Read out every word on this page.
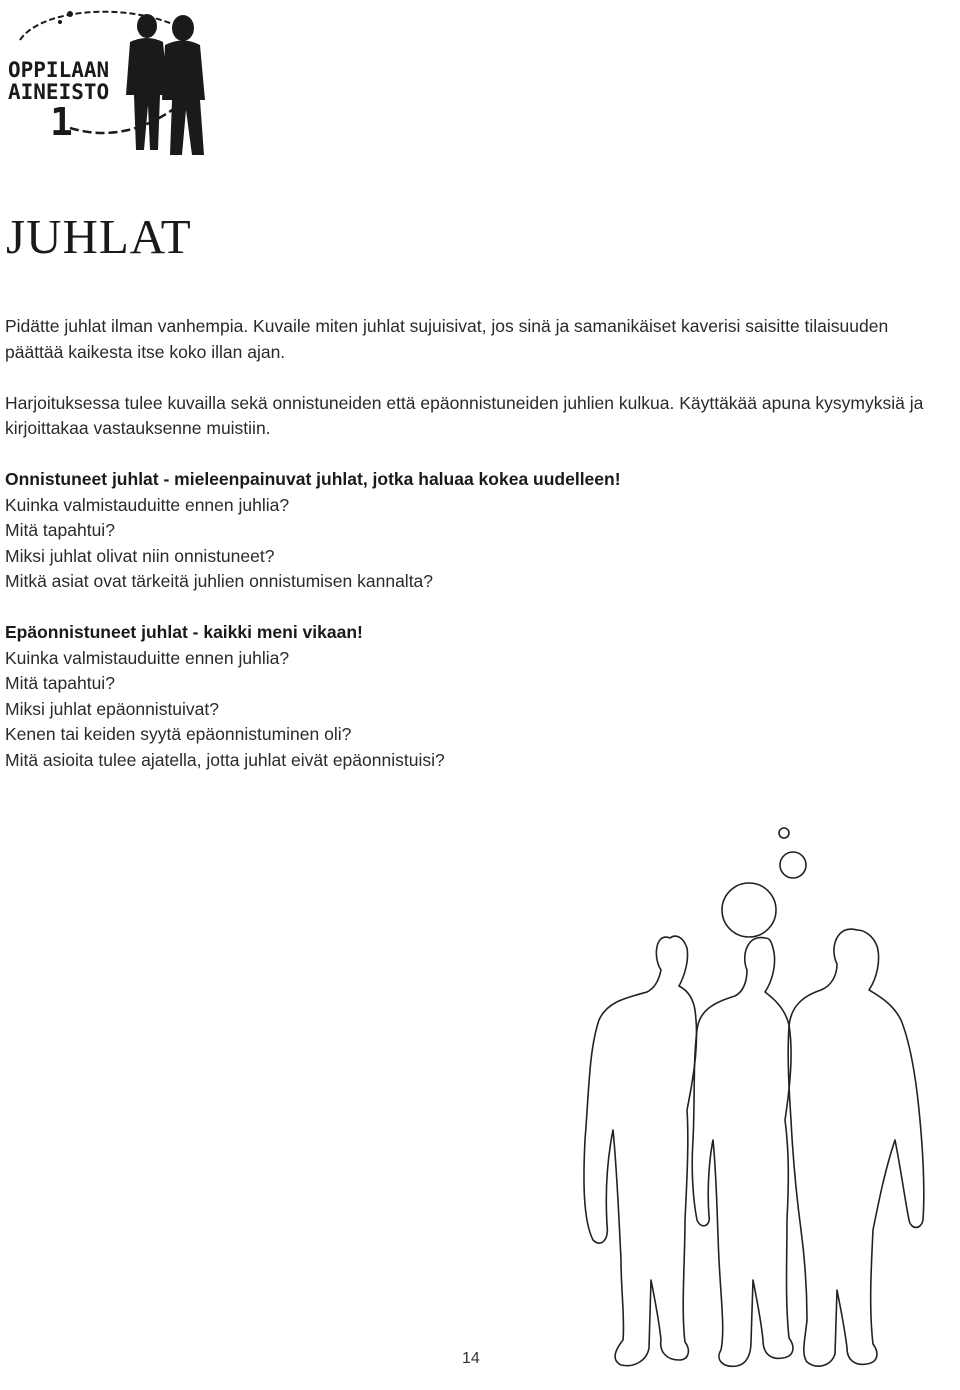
OPPILAAN
AINEISTO
1
JUHLAT

Pidätte juhlat ilman vanhempia. Kuvaile miten juhlat sujuisivat, jos sinä ja samanikäiset kaverisi saisitte tilaisuuden päättää kaikesta itse koko illan ajan.

Harjoituksessa tulee kuvailla sekä onnistuneiden että epäonnistuneiden juhlien kulkua. Käyttäkää apuna kysymyksiä ja kirjoittakaa vastauksenne muistiin.

Onnistuneet juhlat - mieleenpainuvat juhlat, jotka haluaa kokea uudelleen!

Kuinka valmistauduitte ennen juhlia?

Mitä tapahtui?

Miksi juhlat olivat niin onnistuneet?

Mitkä asiat ovat tärkeitä juhlien onnistumisen kannalta?

Epäonnistuneet juhlat - kaikki meni vikaan!

Kuinka valmistauduitte ennen juhlia?

Mitä tapahtui?

Miksi juhlat epäonnistuivat?

Kenen tai keiden syytä epäonnistuminen oli?

Mitä asioita tulee ajatella, jotta juhlat eivät epäonnistuisi?

14
